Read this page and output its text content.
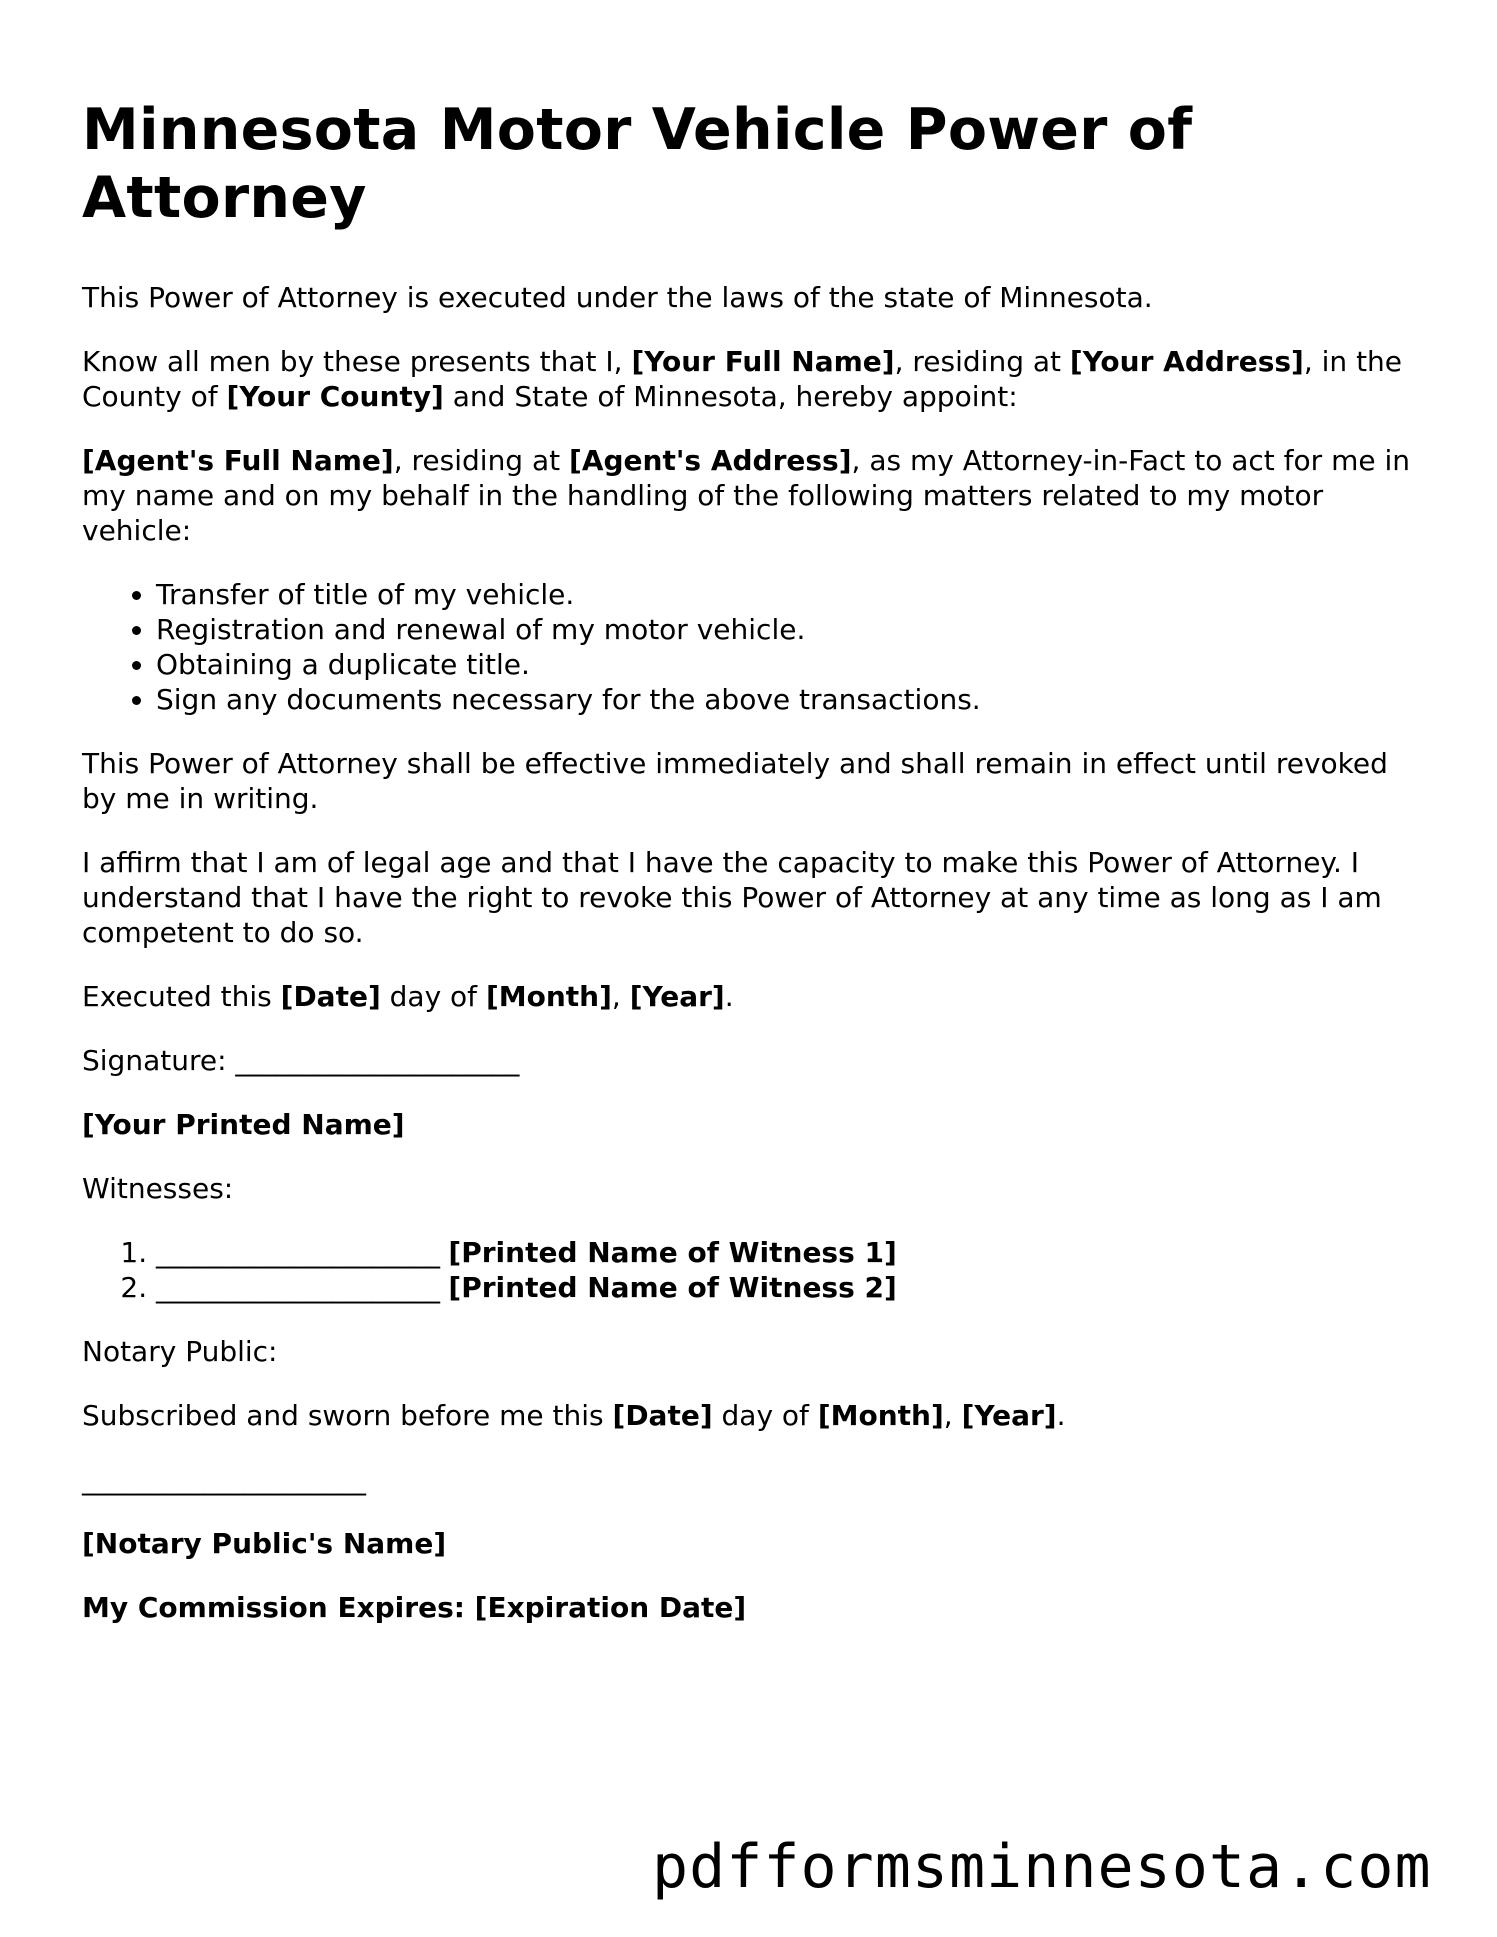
Minnesota Motor Vehicle Power of Attorney

This Power of Attorney is executed under the laws of the state of Minnesota.

Know all men by these presents that I, [Your Full Name], residing at [Your Address], in the County of [Your County] and State of Minnesota, hereby appoint:

[Agent's Full Name], residing at [Agent's Address], as my Attorney-in-Fact to act for me in my name and on my behalf in the handling of the following matters related to my motor vehicle:

• Transfer of title of my vehicle.
• Registration and renewal of my motor vehicle.
• Obtaining a duplicate title.
• Sign any documents necessary for the above transactions.

This Power of Attorney shall be effective immediately and shall remain in effect until revoked by me in writing.

I affirm that I am of legal age and that I have the capacity to make this Power of Attorney. I understand that I have the right to revoke this Power of Attorney at any time as long as I am competent to do so.

Executed this [Date] day of [Month], [Year].

Signature: _____________________

[Your Printed Name]

Witnesses:

1. _____________________ [Printed Name of Witness 1]
2. _____________________ [Printed Name of Witness 2]

Notary Public:

Subscribed and sworn before me this [Date] day of [Month], [Year].

_____________________

[Notary Public's Name]

My Commission Expires: [Expiration Date]

pdfformsminnesota.com
